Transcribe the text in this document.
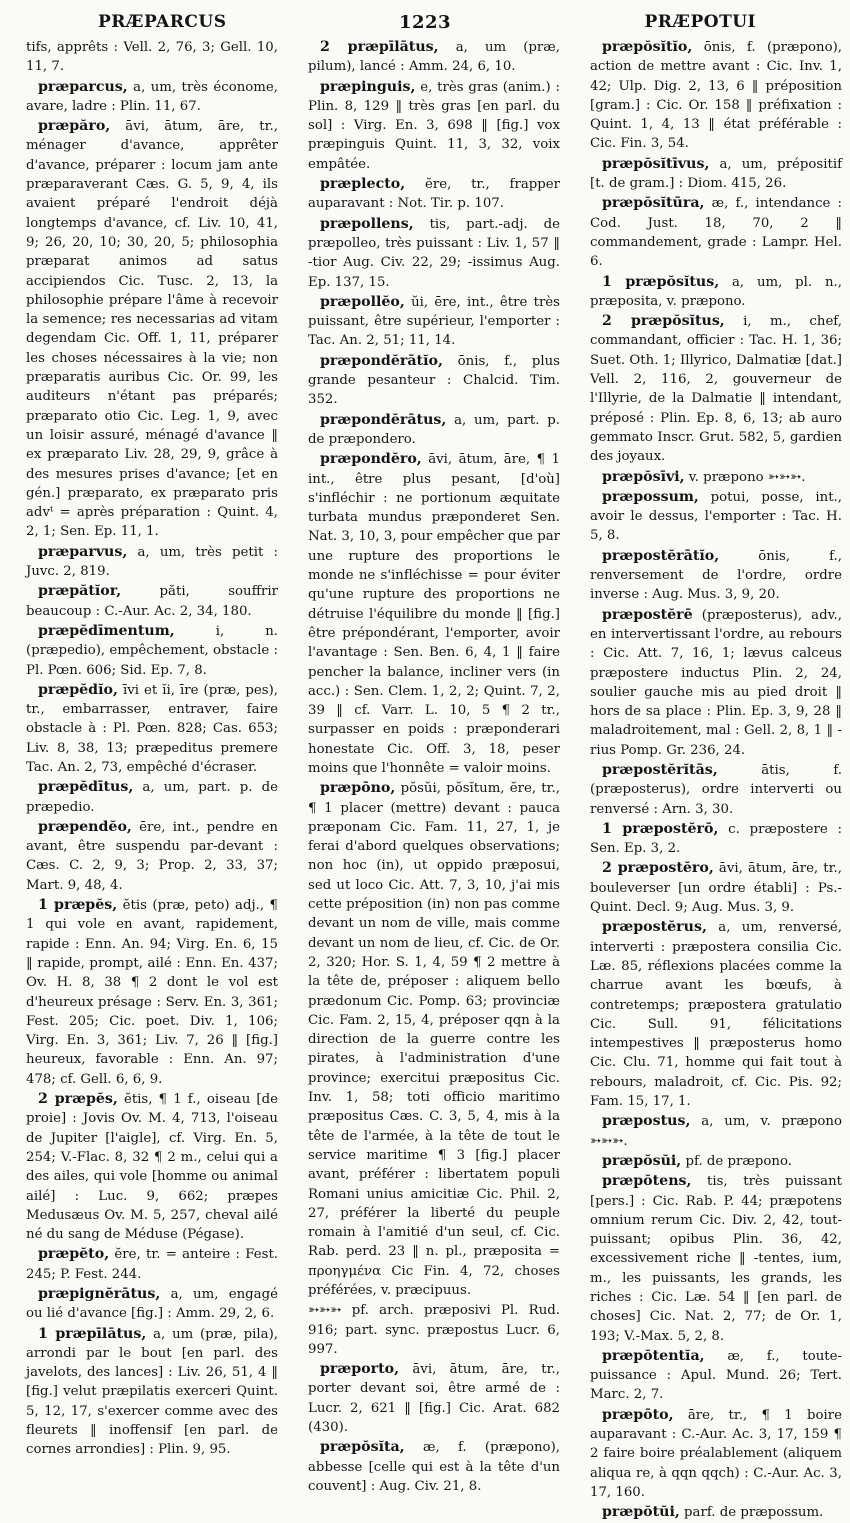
PRÆPARCUS	1223	PRÆPOTUI

tifs, apprêts : Vell. 2, 76, 3; Gell. 10, 11, 7.

præparcus, a, um, très économe, avare, ladre : Plin. 11, 67.

præpăro, āvi, ātum, āre, tr., ménager d'avance, apprêter d'avance, préparer : locum jam ante præparaverant Cæs. G. 5, 9, 4, ils avaient préparé l'endroit déjà longtemps d'avance, cf. Liv. 10, 41, 9; 26, 20, 10; 30, 20, 5; philosophia præparat animos ad satus accipiendos Cic. Tusc. 2, 13, la philosophie prépare l'âme à recevoir la semence; res necessarias ad vitam degendam Cic. Off. 1, 11, préparer les choses nécessaires à la vie; non præparatis auribus Cic. Or. 99, les auditeurs n'étant pas préparés; præparato otio Cic. Leg. 1, 9, avec un loisir assuré, ménagé d'avance ‖ ex præparato Liv. 28, 29, 9, grâce à des mesures prises d'avance; [et en gén.] præparato, ex præparato pris advᵗ = après préparation : Quint. 4, 2, 1; Sen. Ep. 11, 1.

præparvus, a, um, très petit : Juvc. 2, 819.

præpătĭor,	păti, souffrir beaucoup : C.-Aur. Ac. 2, 34, 180.

præpĕdīmentum,	i, n. (præpedio), empêchement, obstacle : Pl. Pœn. 606; Sid. Ep. 7, 8.

præpĕdĭo, īvi et ĭi, īre (præ, pes), tr., embarrasser, entraver, faire obstacle à : Pl. Pœn. 828; Cas. 653; Liv. 8, 38, 13; præpeditus premere Tac. An. 2, 73, empêché d'écraser.

præpĕdītus, a, um, part. p. de præpedio.

præpendĕo, ēre, int., pendre en avant, être suspendu par-devant : Cæs. C. 2, 9, 3; Prop. 2, 33, 37; Mart. 9, 48, 4.

1 præpĕs, ĕtis (præ, peto) adj., ¶ 1 qui vole en avant, rapidement, rapide : Enn. An. 94; Virg. En. 6, 15 ‖ rapide, prompt, ailé : Enn. En. 437; Ov. H. 8, 38 ¶ 2 dont le vol est d'heureux présage : Serv. En. 3, 361; Fest. 205; Cic. poet. Div. 1, 106; Virg. En. 3, 361; Liv. 7, 26 ‖ [fig.] heureux, favorable : Enn. An. 97; 478; cf. Gell. 6, 6, 9.

2 præpĕs, ĕtis, ¶ 1 f., oiseau [de proie] : Jovis Ov. M. 4, 713, l'oiseau de Jupiter [l'aigle], cf. Virg. En. 5, 254; V.-Flac. 8, 32 ¶ 2 m., celui qui a des ailes, qui vole [homme ou animal ailé] : Luc. 9, 662; præpes Medusæus Ov. M. 5, 257, cheval ailé né du sang de Méduse (Pégase).

præpĕto, ĕre, tr. = anteire : Fest. 245; P. Fest. 244.

præpignĕrātus, a, um, engagé ou lié d'avance [fig.] : Amm. 29, 2, 6.

1 præpīlātus, a, um (præ, pila), arrondi par le bout [en parl. des javelots, des lances] : Liv. 26, 51, 4 ‖ [fig.] velut præpilatis exerceri Quint. 5, 12, 17, s'exercer comme avec des fleurets ‖ inoffensif [en parl. de cornes arrondies] : Plin. 9, 95.

2 præpīlātus, a, um (præ, pilum), lancé : Amm. 24, 6, 10.

præpinguis, e, très gras (anim.) : Plin. 8, 129 ‖ très gras [en parl. du sol] : Virg. En. 3, 698 ‖ [fig.] vox præpinguis Quint. 11, 3, 32, voix empâtée.

præplecto, ĕre, tr., frapper auparavant : Not. Tir. p. 107.

præpollens, tis, part.-adj. de præpolleo, très puissant : Liv. 1, 57 ‖ -tior Aug. Civ. 22, 29; -issimus Aug. Ep. 137, 15.

præpollĕo, ŭi, ēre, int., être très puissant, être supérieur, l'emporter : Tac. An. 2, 51; 11, 14.

præpondĕrātĭo, ōnis, f., plus grande pesanteur : Chalcid. Tim. 352.

præpondĕrātus, a, um, part. p. de præpondero.

præpondĕro, āvi, ātum, āre, ¶ 1 int., être plus pesant, [d'où] s'infléchir : ne portionum æquitate turbata mundus præponderet Sen. Nat. 3, 10, 3, pour empêcher que par une rupture des proportions le monde ne s'infléchisse = pour éviter qu'une rupture des proportions ne détruise l'équilibre du monde ‖ [fig.] être prépondérant, l'emporter, avoir l'avantage : Sen. Ben. 6, 4, 1 ‖ faire pencher la balance, incliner vers (in acc.) : Sen. Clem. 1, 2, 2; Quint. 7, 2, 39 ‖ cf. Varr. L. 10, 5 ¶ 2 tr., surpasser en poids : præponderari honestate Cic. Off. 3, 18, peser moins que l'honnête = valoir moins.

præpōno, pŏsŭi, pŏsĭtum, ĕre, tr., ¶ 1 placer (mettre) devant : pauca præponam Cic. Fam. 11, 27, 1, je ferai d'abord quelques observations; non hoc (in), ut oppido præposui, sed ut loco Cic. Att. 7, 3, 10, j'ai mis cette préposition (in) non pas comme devant un nom de ville, mais comme devant un nom de lieu, cf. Cic. de Or. 2, 320; Hor. S. 1, 4, 59 ¶ 2 mettre à la tête de, préposer : aliquem bello prædonum Cic. Pomp. 63; provinciæ Cic. Fam. 2, 15, 4, préposer qqn à la direction de la guerre contre les pirates, à l'administration d'une province; exercitui præpositus Cic. Inv. 1, 58; toti officio maritimo præpositus Cæs. C. 3, 5, 4, mis à la tête de l'armée, à la tête de tout le service maritime ¶ 3 [fig.] placer avant, préférer : libertatem populi Romani unius amicitiæ Cic. Phil. 2, 27, préférer la liberté du peuple romain à l'amitié d'un seul, cf. Cic. Rab. perd. 23 ‖ n. pl., præposita = προηγμένα Cic Fin. 4, 72, choses préférées, v. præcipuus.

➳➳➳ pf. arch. præposivi Pl. Rud. 916; part. sync. præpostus Lucr. 6, 997.

præporto, āvi, ātum, āre, tr., porter devant soi, être armé de : Lucr. 2, 621 ‖ [fig.] Cic. Arat. 682 (430).

præpŏsĭta, æ, f. (præpono), abbesse [celle qui est à la tête d'un couvent] : Aug. Civ. 21, 8.

præpŏsĭtĭo, ōnis, f. (præpono), action de mettre avant : Cic. Inv. 1, 42; Ulp. Dig. 2, 13, 6 ‖ préposition [gram.] : Cic. Or. 158 ‖ préfixation : Quint. 1, 4, 13 ‖ état préférable : Cic. Fin. 3, 54.

præpŏsĭtīvus, a, um, prépositif [t. de gram.] : Diom. 415, 26.

præpŏsĭtūra, æ, f., intendance : Cod. Just. 18, 70, 2 ‖ commandement, grade : Lampr. Hel. 6.

1 præpŏsĭtus, a, um, pl. n., præposita, v. præpono.

2 præpŏsĭtus, i, m., chef, commandant, officier : Tac. H. 1, 36; Suet. Oth. 1; Illyrico, Dalmatiæ [dat.] Vell. 2, 116, 2, gouverneur de l'Illyrie, de la Dalmatie ‖ intendant, préposé : Plin. Ep. 8, 6, 13; ab auro gemmato Inscr. Grut. 582, 5, gardien des joyaux.

præpŏsīvi, v. præpono ➳➳➳.

præpossum, potui, posse, int., avoir le dessus, l'emporter : Tac. H. 5, 8.

præpostĕrātĭo,	ōnis, f., renversement de l'ordre, ordre inverse : Aug. Mus. 3, 9, 20.

præpostĕrē (præposterus), adv., en intervertissant l'ordre, au rebours : Cic. Att. 7, 16, 1; lævus calceus præpostere inductus Plin. 2, 24, soulier gauche mis au pied droit ‖ hors de sa place : Plin. Ep. 3, 9, 28 ‖ maladroitement, mal : Gell. 2, 8, 1 ‖ -rius Pomp. Gr. 236, 24.

præpostĕrĭtās,	ātis, f. (præposterus), ordre interverti ou renversé : Arn. 3, 30.

1 præpostĕrō, c. præpostere : Sen. Ep. 3, 2.

2 præpostĕro, āvi, ātum, āre, tr., bouleverser [un ordre établi] : Ps.-Quint. Decl. 9; Aug. Mus. 3, 9.

præpostĕrus, a, um, renversé, interverti : præpostera consilia Cic. Læ. 85, réflexions placées comme la charrue avant les bœufs, à contretemps; præpostera gratulatio Cic. Sull. 91, félicitations intempestives ‖ præposterus homo Cic. Clu. 71, homme qui fait tout à rebours, maladroit, cf. Cic. Pis. 92; Fam. 15, 17, 1.

præpostus, a, um, v. præpono ➳➳➳.

præpŏsŭi, pf. de præpono.

præpŏtens, tis, très puissant [pers.] : Cic. Rab. P. 44; præpotens omnium rerum Cic. Div. 2, 42, tout-puissant; opibus Plin. 36, 42, excessivement riche ‖ -tentes, ium, m., les puissants, les grands, les riches : Cic. Læ. 54 ‖ [en parl. de choses] Cic. Nat. 2, 77; de Or. 1, 193; V.-Max. 5, 2, 8.

præpŏtentĭa, æ, f., toute-puissance : Apul. Mund. 26; Tert. Marc. 2, 7.

præpōto, āre, tr., ¶ 1 boire auparavant : C.-Aur. Ac. 3, 17, 159 ¶ 2 faire boire préalablement (aliquem aliqua re, à qqn qqch) : C.-Aur. Ac. 3, 17, 160.

præpŏtŭi, parf. de præpossum.
